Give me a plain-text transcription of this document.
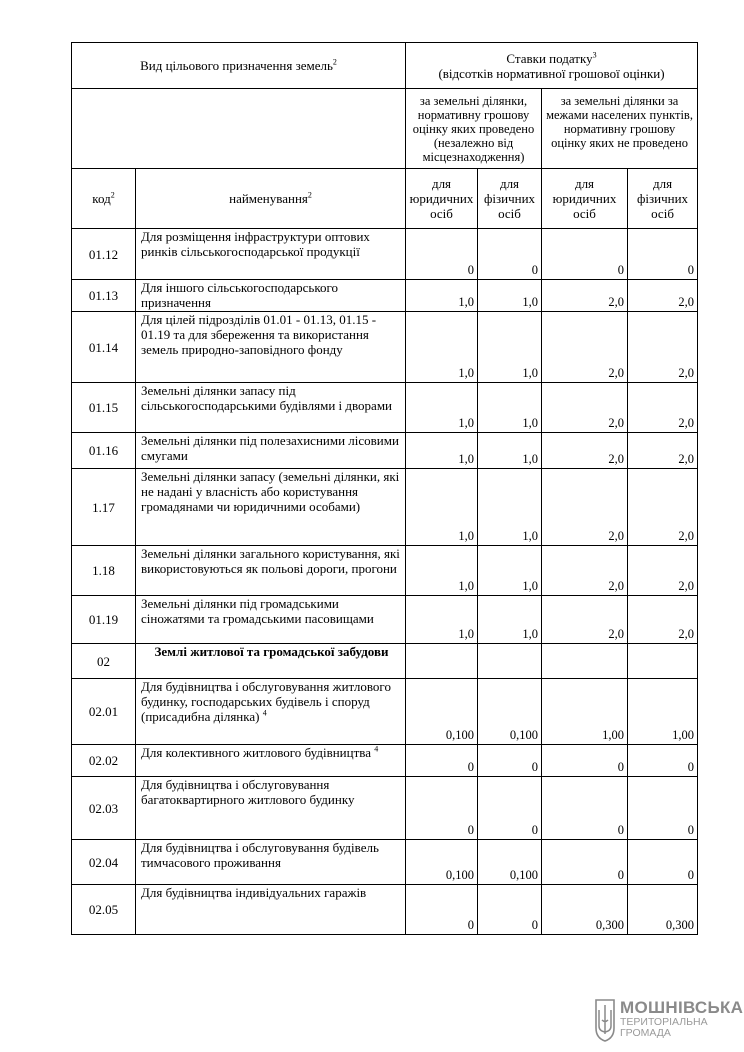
Вид цільового призначення земель$^2$		Ставки податку$^3$
(відсотків нормативної грошової оцінки)			
		за земельні ділянки, нормативну грошову оцінку яких проведено (незалежно від місцезнаходження)		за земельні ділянки за межами населених пунктів, нормативну грошову оцінку яких не проведено	
код$^2$	найменування$^2$	для юридичних осіб	для фізичних осіб	для юридичних осіб	для фізичних осіб
01.12	Для розміщення інфраструктури оптових ринків сільськогосподарської продукції	0	0	0	0
01.13	Для іншого сільськогосподарського призначення	1,0	1,0	2,0	2,0
01.14	Для цілей підрозділів 01.01 - 01.13, 01.15 - 01.19 та для збереження та використання земель природно-заповідного фонду	1,0	1,0	2,0	2,0
01.15	Земельні ділянки запасу під сільськогосподарськими будівлями і дворами	1,0	1,0	2,0	2,0
01.16	Земельні ділянки під полезахисними лісовими смугами	1,0	1,0	2,0	2,0
1.17	Земельні ділянки запасу (земельні ділянки, які не надані у власність або користування громадянами чи юридичними особами)	1,0	1,0	2,0	2,0
1.18	Земельні ділянки загального користування, які використовуються як польові дороги, прогони	1,0	1,0	2,0	2,0
01.19	Земельні ділянки під громадськими сіножатями та громадськими пасовищами	1,0	1,0	2,0	2,0
02	Землі житлової та громадської забудови				
02.01	Для будівництва і обслуговування житлового будинку, господарських будівель і споруд (присадибна ділянка) $^4$	0,100	0,100	1,00	1,00
02.02	Для колективного житлового будівництва $^4$	0	0	0	0
02.03	Для будівництва і обслуговування багатоквартирного житлового будинку	0	0	0	0
02.04	Для будівництва і обслуговування будівель тимчасового проживання	0,100	0,100	0	0
02.05	Для будівництва індивідуальних гаражів	0	0	0,300	0,300
МОШНІВСЬКА
ТЕРИТОРІАЛЬНА
ГРОМАДА
